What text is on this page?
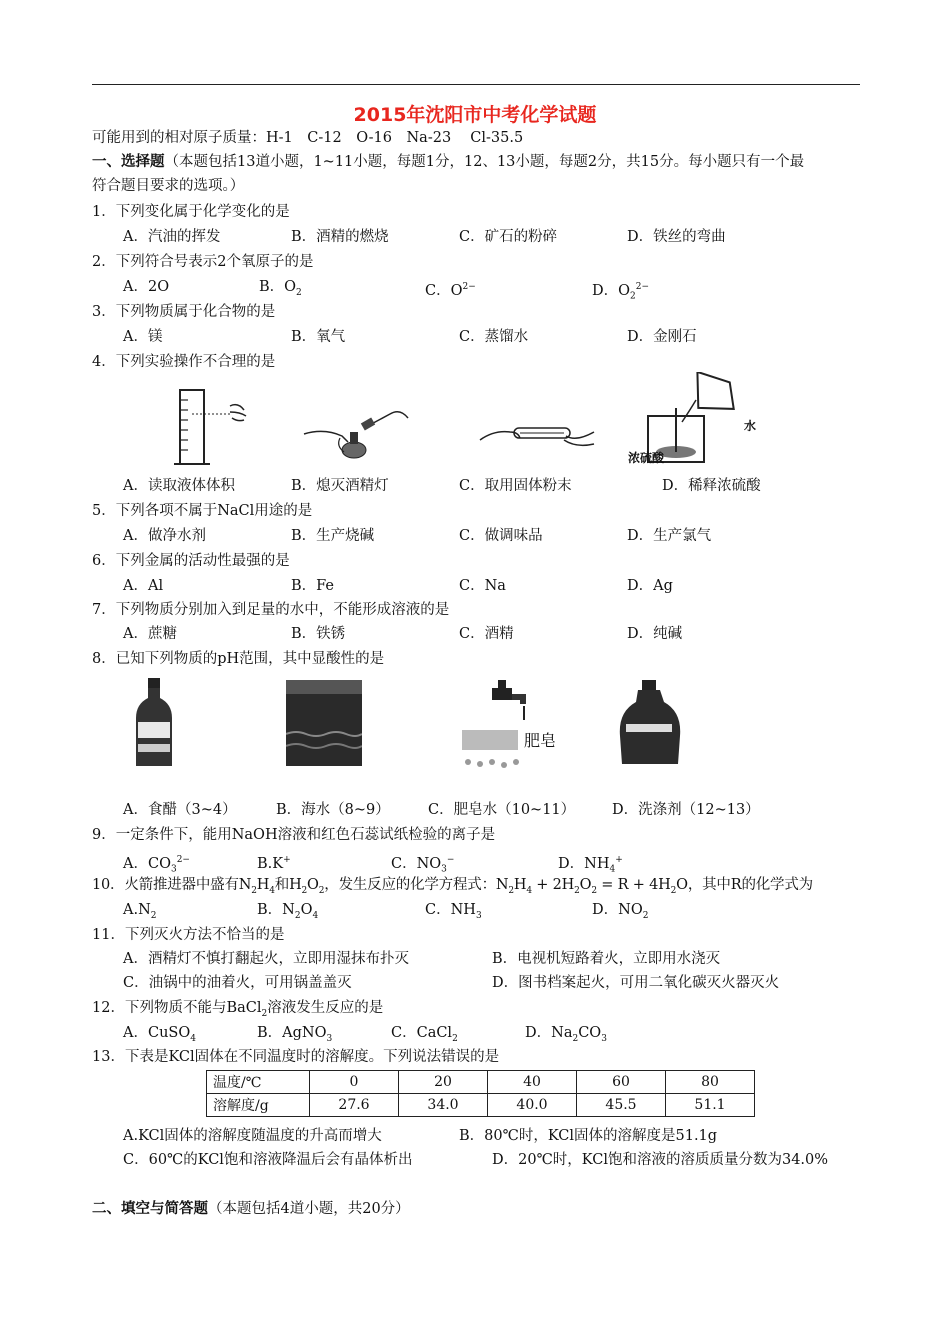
2015年沈阳市中考化学试题
可能用到的相对原子质量：H-1　C-12　O-16　Na-23　 Cl-35.5
一、选择题（本题包括13道小题，1~11小题，每题1分，12、13小题，每题2分，共15分。每小题只有一个最
符合题目要求的选项。）
1．下列变化属于化学变化的是
A．汽油的挥发	B．酒精的燃烧	C．矿石的粉碎	D．铁丝的弯曲
2．下列符合号表示2个氧原子的是
A．2O	B．$O_2$	C．$O^{2-}$	D．$O_2^{2-}$
3．下列物质属于化合物的是
A．镁	B．氧气	C．蒸馏水	D．金刚石
4．下列实验操作不合理的是
浓硫酸
水
A．读取液体体积	B．熄灭酒精灯	C．取用固体粉末	D．稀释浓硫酸
5．下列各项不属于NaCl用途的是
A．做净水剂	B．生产烧碱	C．做调味品	D．生产氯气
6．下列金属的活动性最强的是
A．Al	B．Fe	C．Na	D．Ag
7．下列物质分别加入到足量的水中，不能形成溶液的是
A．蔗糖	B．铁锈	C．酒精	D．纯碱
8．已知下列物质的pH范围，其中显酸性的是
肥皂
A．食醋（3~4）	B．海水（8~9）	C．肥皂水（10~11）	D．洗涤剂（12~13）
9．一定条件下，能用NaOH溶液和红色石蕊试纸检验的离子是
A．$CO_3^{2-}$	B.K+	C．$NO_3^-$	D．$NH_4^+$
10．火箭推进器中盛有$N_2H_4$和$H_2O_2$，发生反应的化学方程式：$N_2H_4 + 2H_2O_2 = R + 4H_2O$，其中R的化学式为
$A.N_2$	B．$N_2O_4$	C．$NH_3$	D．$NO_2$
11．下列灭火方法不恰当的是
A．酒精灯不慎打翻起火，立即用湿抹布扑灭	B．电视机短路着火，立即用水浇灭
C．油锅中的油着火，可用锅盖盖灭	D．图书档案起火，可用二氧化碳灭火器灭火
12．下列物质不能与BaCl$_2$溶液发生反应的是
A．CuSO$_4$	B．AgNO$_3$	C．CaCl$_2$	D．$Na_2CO_3$
13．下表是KCl固体在不同温度时的溶解度。下列说法错误的是
温度/℃	0	20	40	60	80
溶解度/g	27.6	34.0	40.0	45.5	51.1
A.KCl固体的溶解度随温度的升高而增大	B．80℃时，KCl固体的溶解度是51.1g
C．60℃的KCl饱和溶液降温后会有晶体析出	D．20℃时，KCl饱和溶液的溶质质量分数为34.0%
二、填空与简答题（本题包括4道小题，共20分）
